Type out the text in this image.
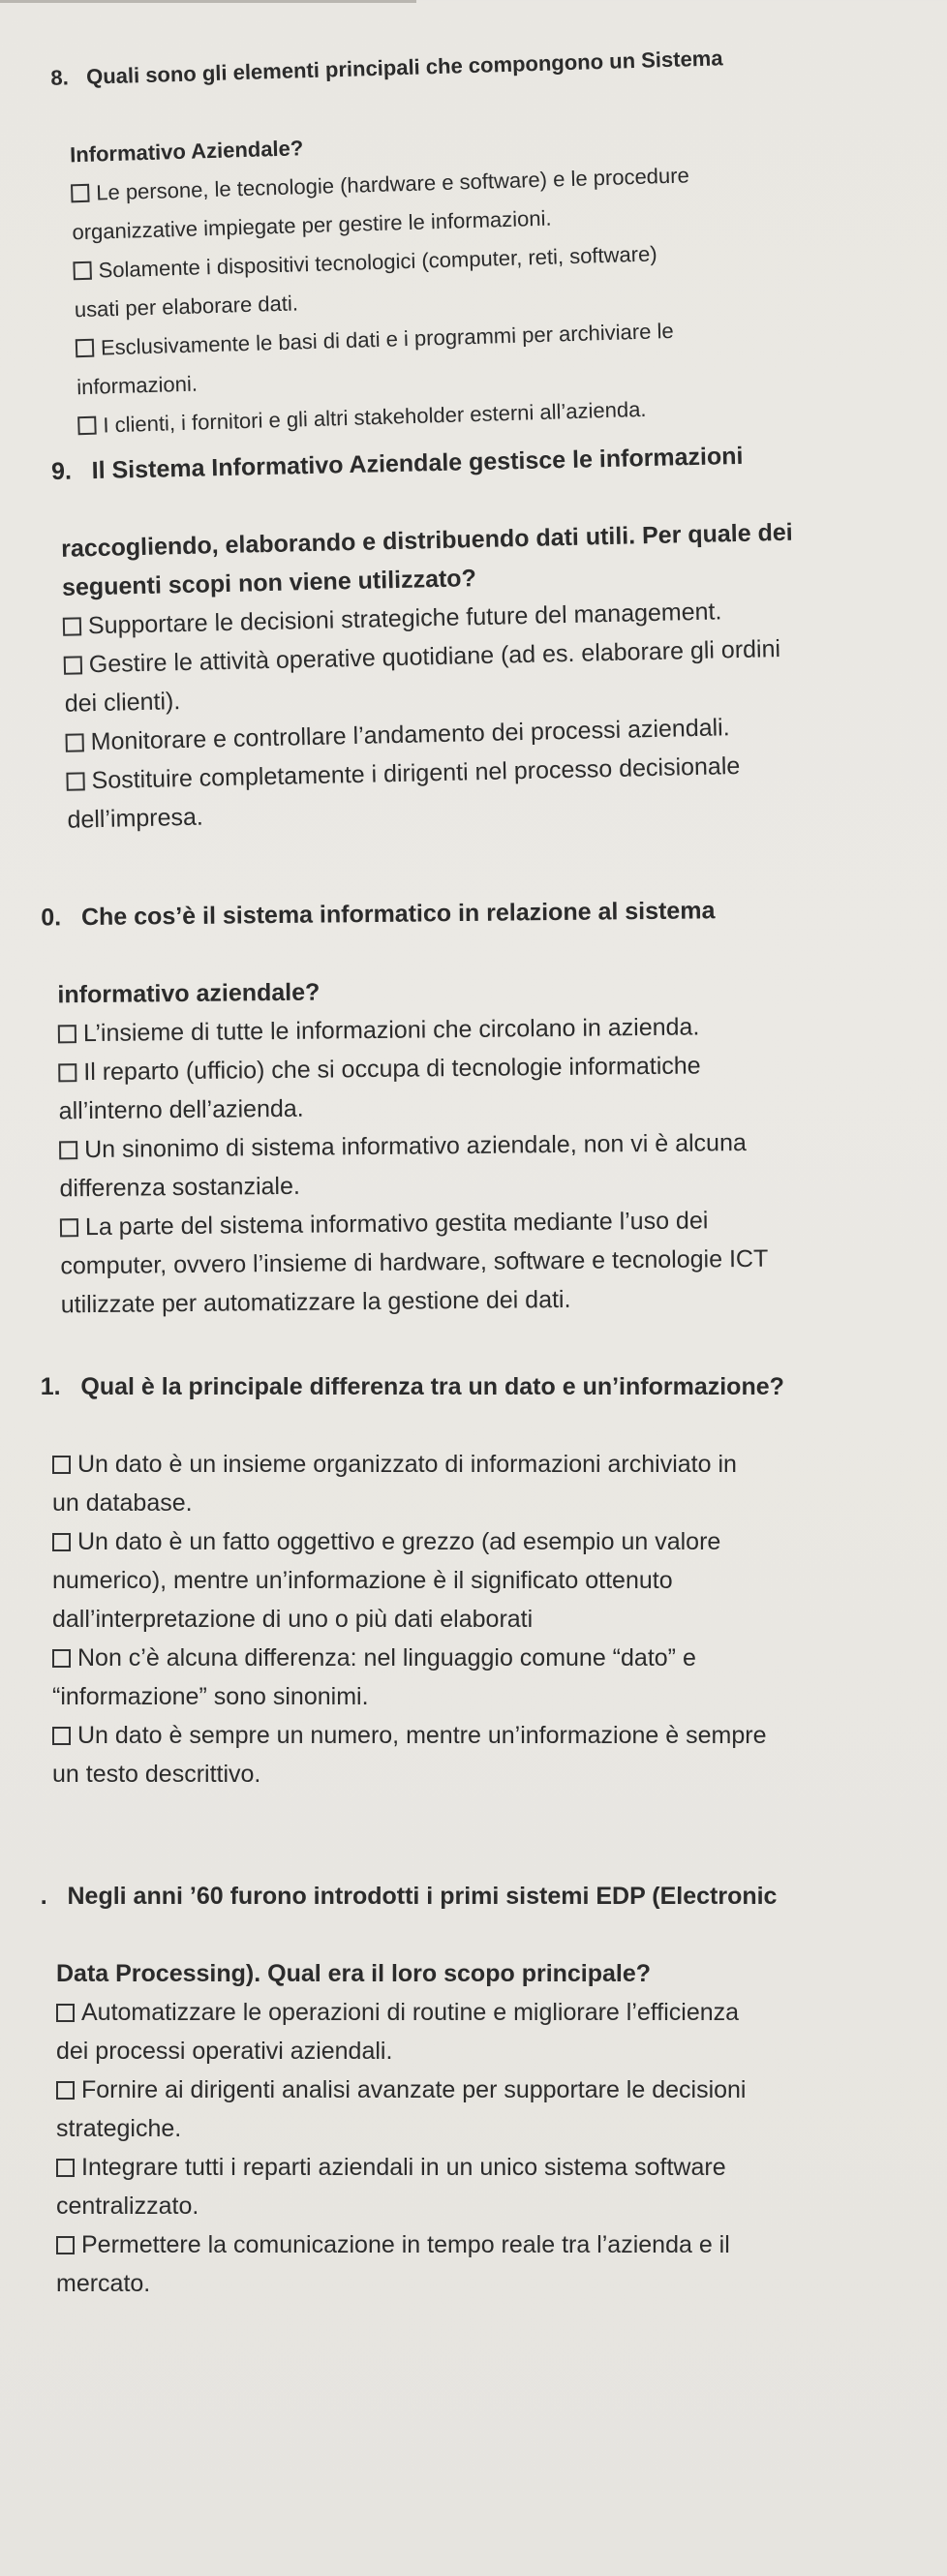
8. Quali sono gli elementi principali che compongono un Sistema

Informativo Aziendale?
Le persone, le tecnologie (hardware e software) e le procedure
organizzative impiegate per gestire le informazioni.
Solamente i dispositivi tecnologici (computer, reti, software)
usati per elaborare dati.
Esclusivamente le basi di dati e i programmi per archiviare le
informazioni.
I clienti, i fornitori e gli altri stakeholder esterni all’azienda.

9. Il Sistema Informativo Aziendale gestisce le informazioni

raccogliendo, elaborando e distribuendo dati utili. Per quale dei
seguenti scopi non viene utilizzato?
Supportare le decisioni strategiche future del management.
Gestire le attività operative quotidiane (ad es. elaborare gli ordini
dei clienti).
Monitorare e controllare l’andamento dei processi aziendali.
Sostituire completamente i dirigenti nel processo decisionale
dell’impresa.

0. Che cos’è il sistema informatico in relazione al sistema

informativo aziendale?
L’insieme di tutte le informazioni che circolano in azienda.
Il reparto (ufficio) che si occupa di tecnologie informatiche
all’interno dell’azienda.
Un sinonimo di sistema informativo aziendale, non vi è alcuna
differenza sostanziale.
La parte del sistema informativo gestita mediante l’uso dei
computer, ovvero l’insieme di hardware, software e tecnologie ICT
utilizzate per automatizzare la gestione dei dati.

1. Qual è la principale differenza tra un dato e un’informazione?

Un dato è un insieme organizzato di informazioni archiviato in
un database.
Un dato è un fatto oggettivo e grezzo (ad esempio un valore
numerico), mentre un’informazione è il significato ottenuto
dall’interpretazione di uno o più dati elaborati
Non c’è alcuna differenza: nel linguaggio comune “dato” e
“informazione” sono sinonimi.
Un dato è sempre un numero, mentre un’informazione è sempre
un testo descrittivo.

. Negli anni ’60 furono introdotti i primi sistemi EDP (Electronic

Data Processing). Qual era il loro scopo principale?
Automatizzare le operazioni di routine e migliorare l’efficienza
dei processi operativi aziendali.
Fornire ai dirigenti analisi avanzate per supportare le decisioni
strategiche.
Integrare tutti i reparti aziendali in un unico sistema software
centralizzato.
Permettere la comunicazione in tempo reale tra l’azienda e il
mercato.
